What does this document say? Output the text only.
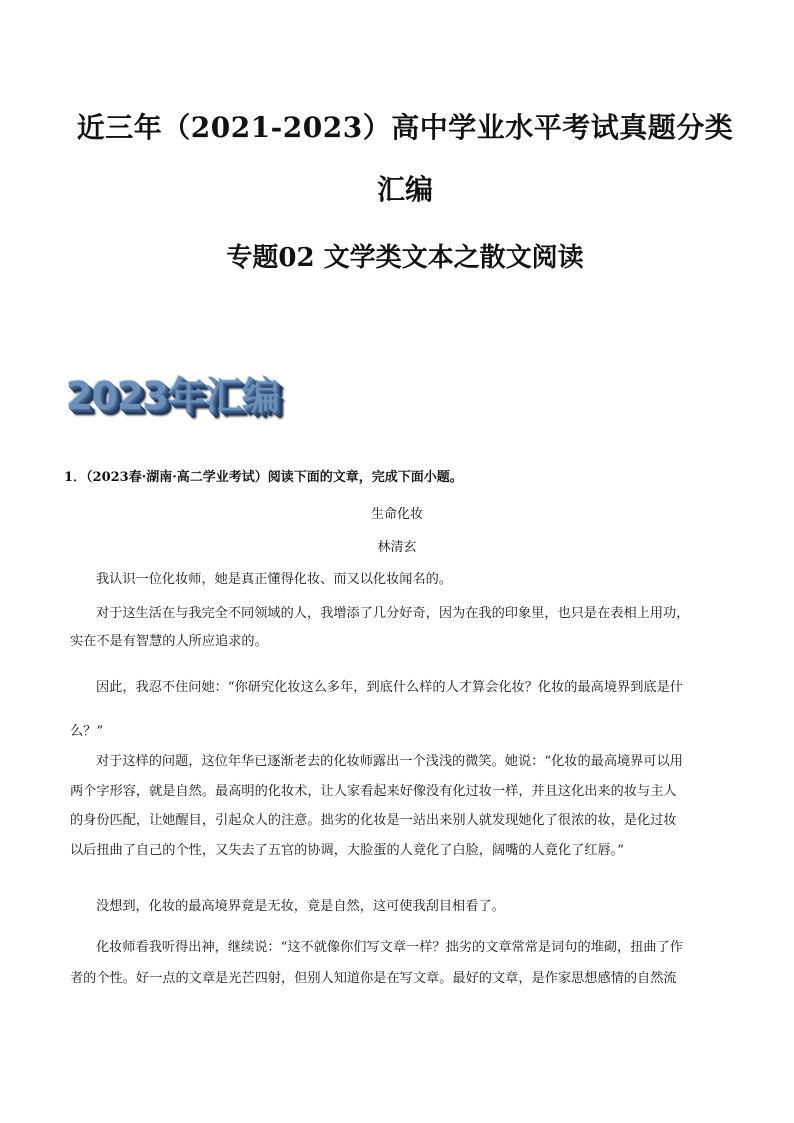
近三年（2021-2023）高中学业水平考试真题分类
汇编
专题02 文学类文本之散文阅读
2023年汇编
1．（2023春·湖南·高二学业考试）阅读下面的文章，完成下面小题。
生命化妆
林清玄
我认识一位化妆师，她是真正懂得化妆、而又以化妆闻名的。
对于这生活在与我完全不同领域的人，我增添了几分好奇，因为在我的印象里，也只是在表相上用功，
实在不是有智慧的人所应追求的。
因此，我忍不住问她：“你研究化妆这么多年，到底什么样的人才算会化妆？化妆的最高境界到底是什
么？”
对于这样的问题，这位年华已逐渐老去的化妆师露出一个浅浅的微笑。她说：“化妆的最高境界可以用
两个字形容，就是自然。最高明的化妆术，让人家看起来好像没有化过妆一样，并且这化出来的妆与主人
的身份匹配，让她醒目，引起众人的注意。拙劣的化妆是一站出来别人就发现她化了很浓的妆，是化过妆
以后扭曲了自己的个性，又失去了五官的协调，大脸蛋的人竟化了白脸，阔嘴的人竟化了红唇。”
没想到，化妆的最高境界竟是无妆，竟是自然，这可使我刮目相看了。
化妆师看我听得出神，继续说：“这不就像你们写文章一样？拙劣的文章常常是词句的堆砌，扭曲了作
者的个性。好一点的文章是光芒四射，但别人知道你是在写文章。最好的文章，是作家思想感情的自然流
